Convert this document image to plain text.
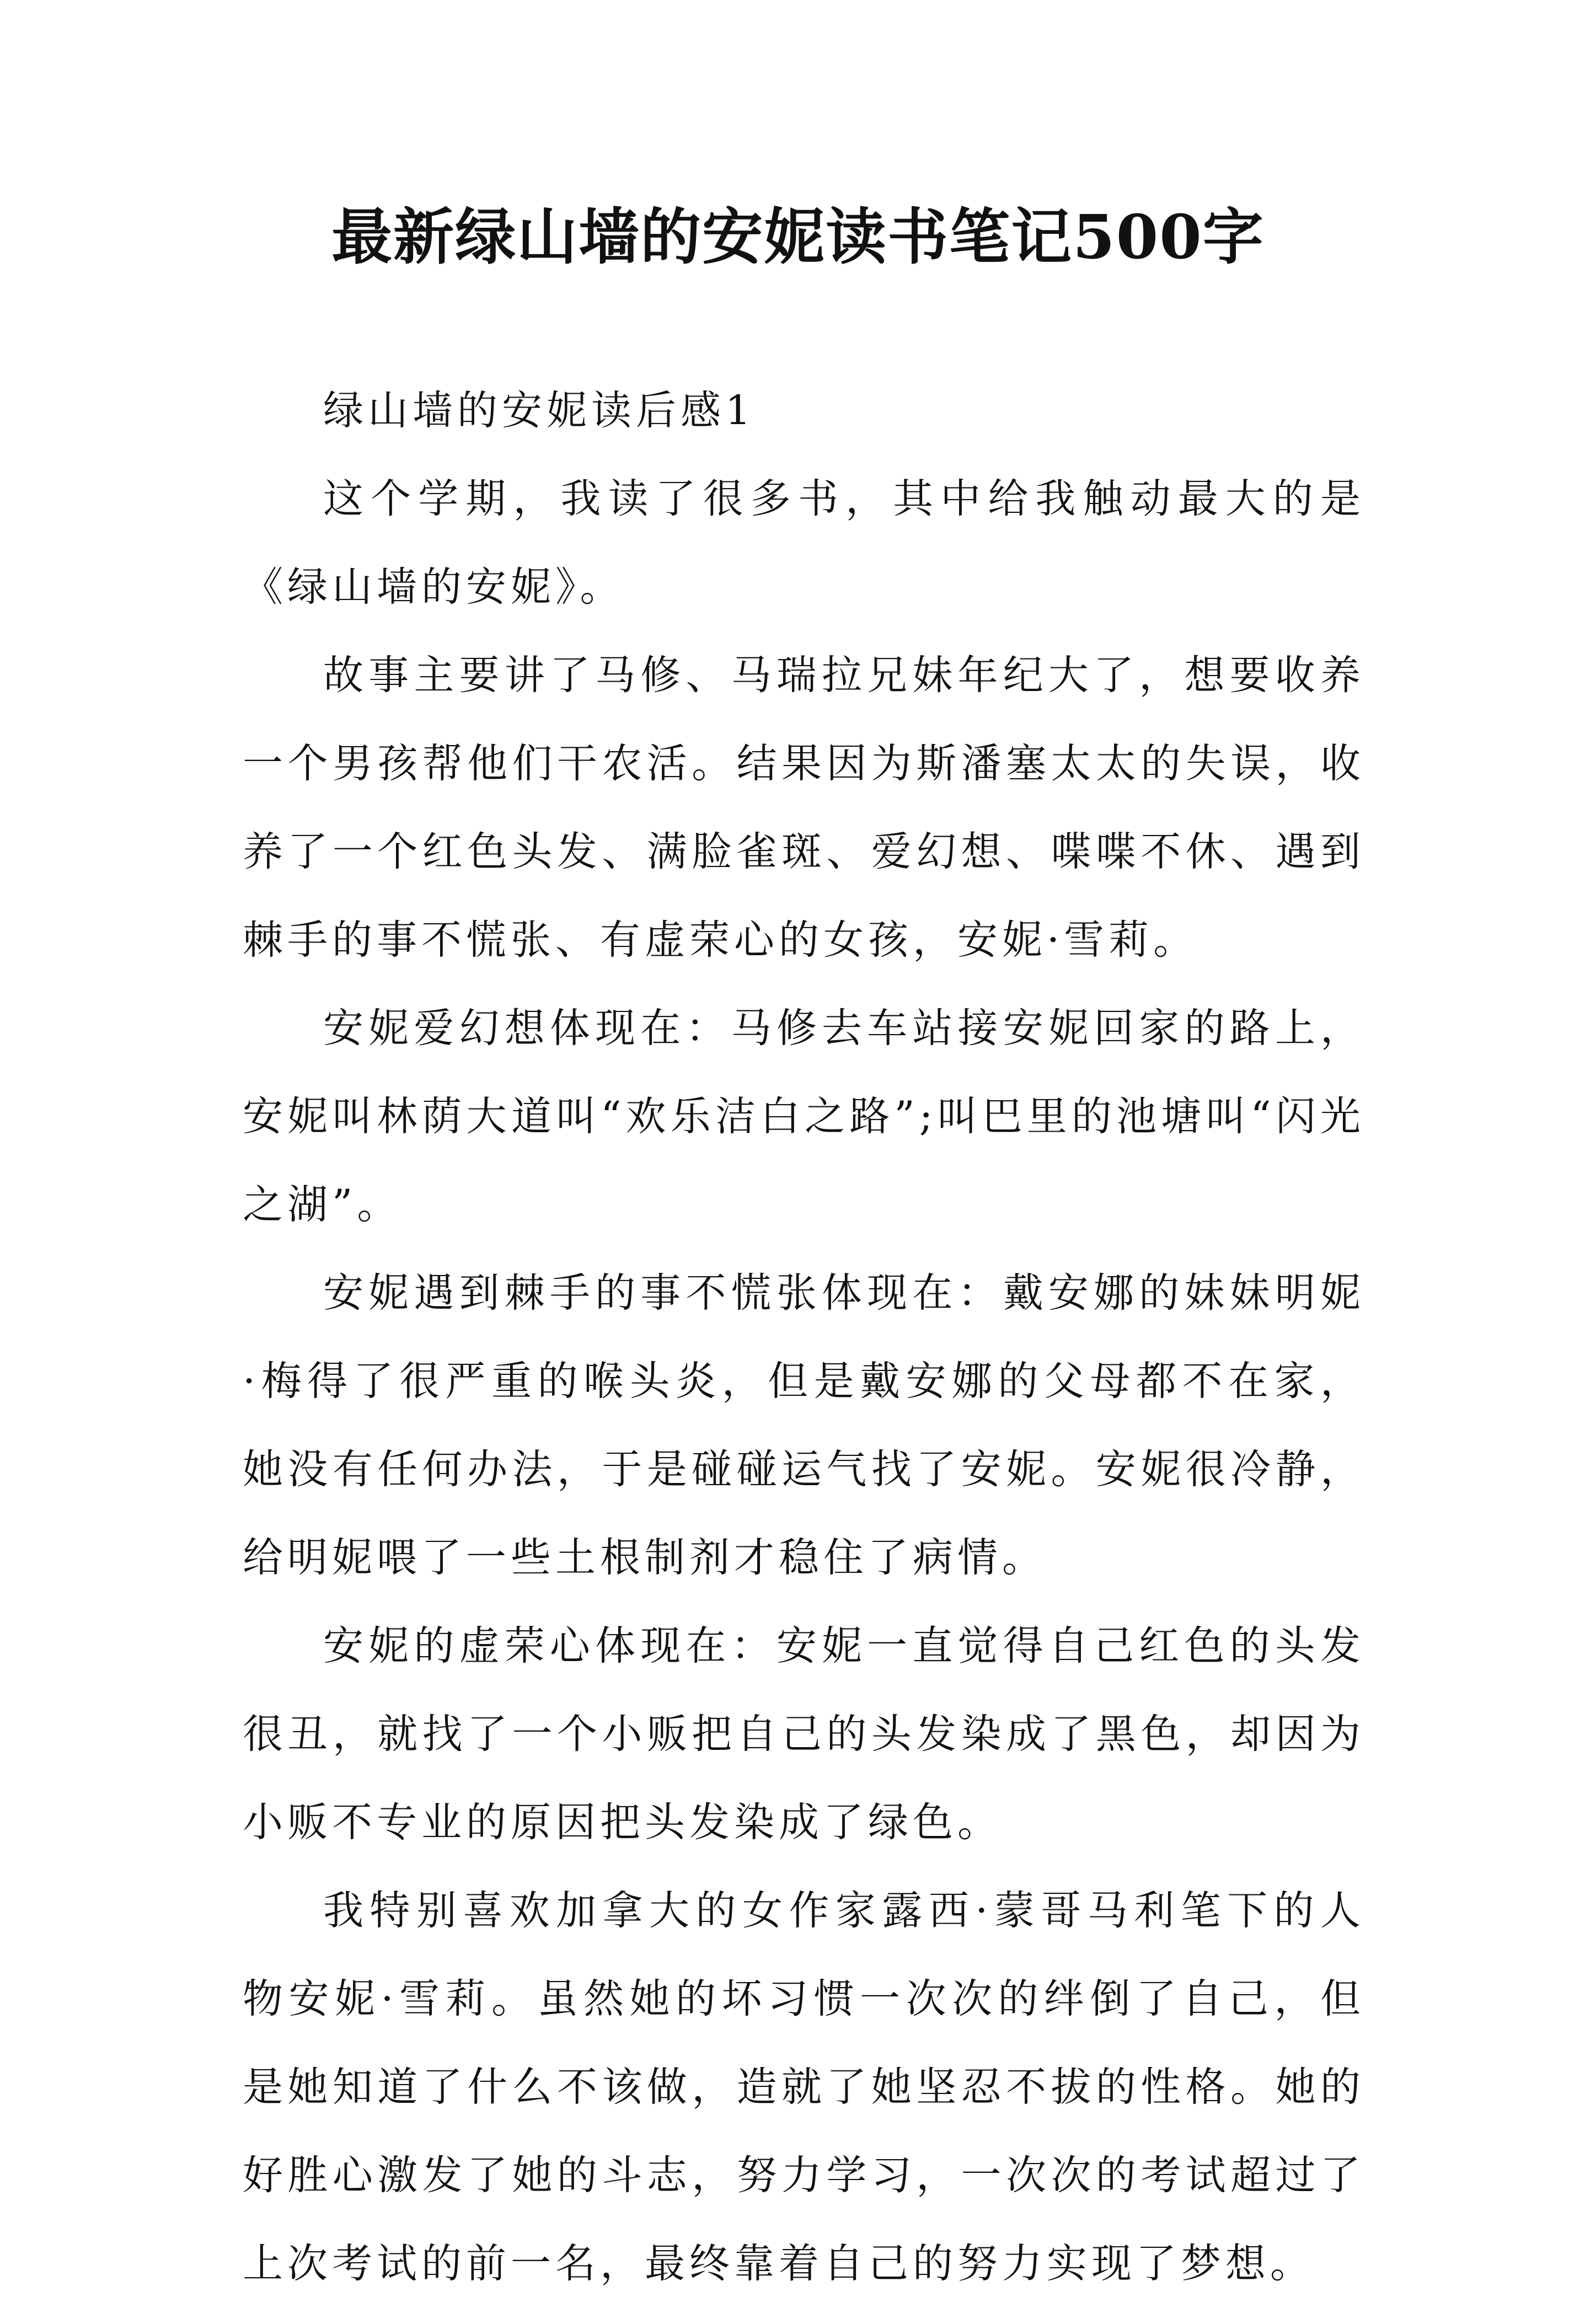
最新绿山墙的安妮读书笔记500字

绿山墙的安妮读后感1

这个学期，我读了很多书，其中给我触动最大的是《绿山墙的安妮》。

故事主要讲了马修、马瑞拉兄妹年纪大了，想要收养一个男孩帮他们干农活。结果因为斯潘塞太太的失误，收养了一个红色头发、满脸雀斑、爱幻想、喋喋不休、遇到棘手的事不慌张、有虚荣心的女孩，安妮·雪莉。

安妮爱幻想体现在：马修去车站接安妮回家的路上，安妮叫林荫大道叫“欢乐洁白之路”;叫巴里的池塘叫“闪光之湖”。

安妮遇到棘手的事不慌张体现在：戴安娜的妹妹明妮·梅得了很严重的喉头炎，但是戴安娜的父母都不在家，她没有任何办法，于是碰碰运气找了安妮。安妮很冷静，给明妮喂了一些土根制剂才稳住了病情。

安妮的虚荣心体现在：安妮一直觉得自己红色的头发很丑，就找了一个小贩把自己的头发染成了黑色，却因为小贩不专业的原因把头发染成了绿色。

我特别喜欢加拿大的女作家露西·蒙哥马利笔下的人物安妮·雪莉。虽然她的坏习惯一次次的绊倒了自己，但是她知道了什么不该做，造就了她坚忍不拔的性格。她的好胜心激发了她的斗志，努力学习，一次次的考试超过了上次考试的前一名，最终靠着自己的努力实现了梦想。
